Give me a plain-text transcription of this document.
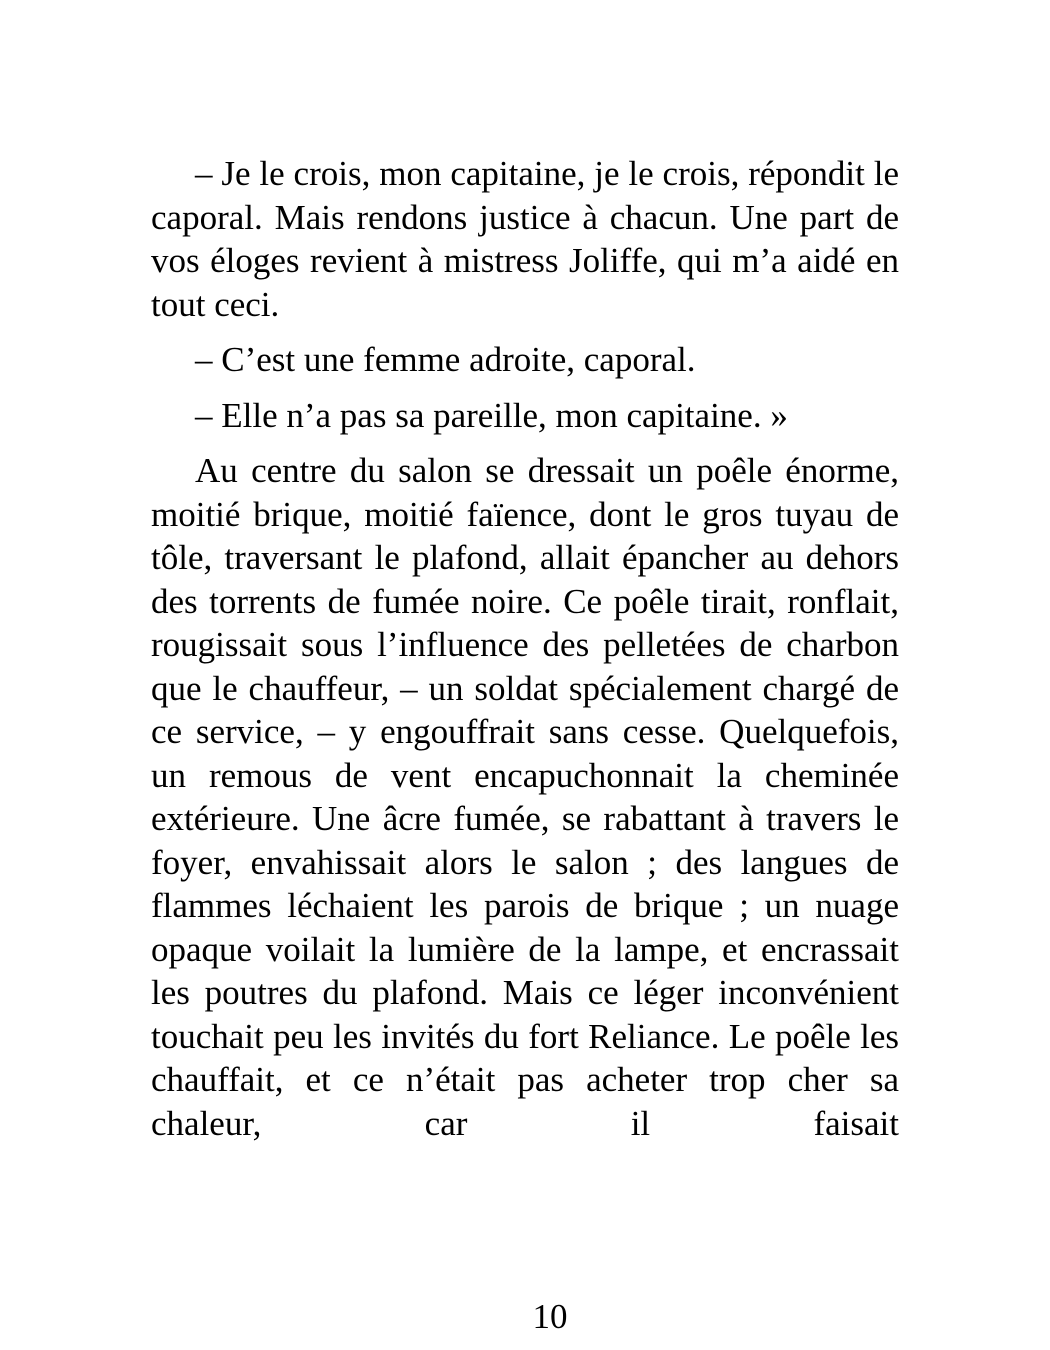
– Je le crois, mon capitaine, je le crois, répondit le caporal. Mais rendons justice à chacun. Une part de vos éloges revient à mistress Joliffe, qui m’a aidé en tout ceci.

– C’est une femme adroite, caporal.

– Elle n’a pas sa pareille, mon capitaine. »

Au centre du salon se dressait un poêle énorme, moitié brique, moitié faïence, dont le gros tuyau de tôle, traversant le plafond, allait épancher au dehors des torrents de fumée noire. Ce poêle tirait, ronflait, rougissait sous l’influence des pelletées de charbon que le chauffeur, – un soldat spécialement chargé de ce service, – y engouffrait sans cesse. Quelquefois, un remous de vent encapuchonnait la cheminée extérieure. Une âcre fumée, se rabattant à travers le foyer, envahissait alors le salon ; des langues de flammes léchaient les parois de brique ; un nuage opaque voilait la lumière de la lampe, et encrassait les poutres du plafond. Mais ce léger inconvénient touchait peu les invités du fort Reliance. Le poêle les chauffait, et ce n’était pas acheter trop cher sa chaleur, car il faisait

10
